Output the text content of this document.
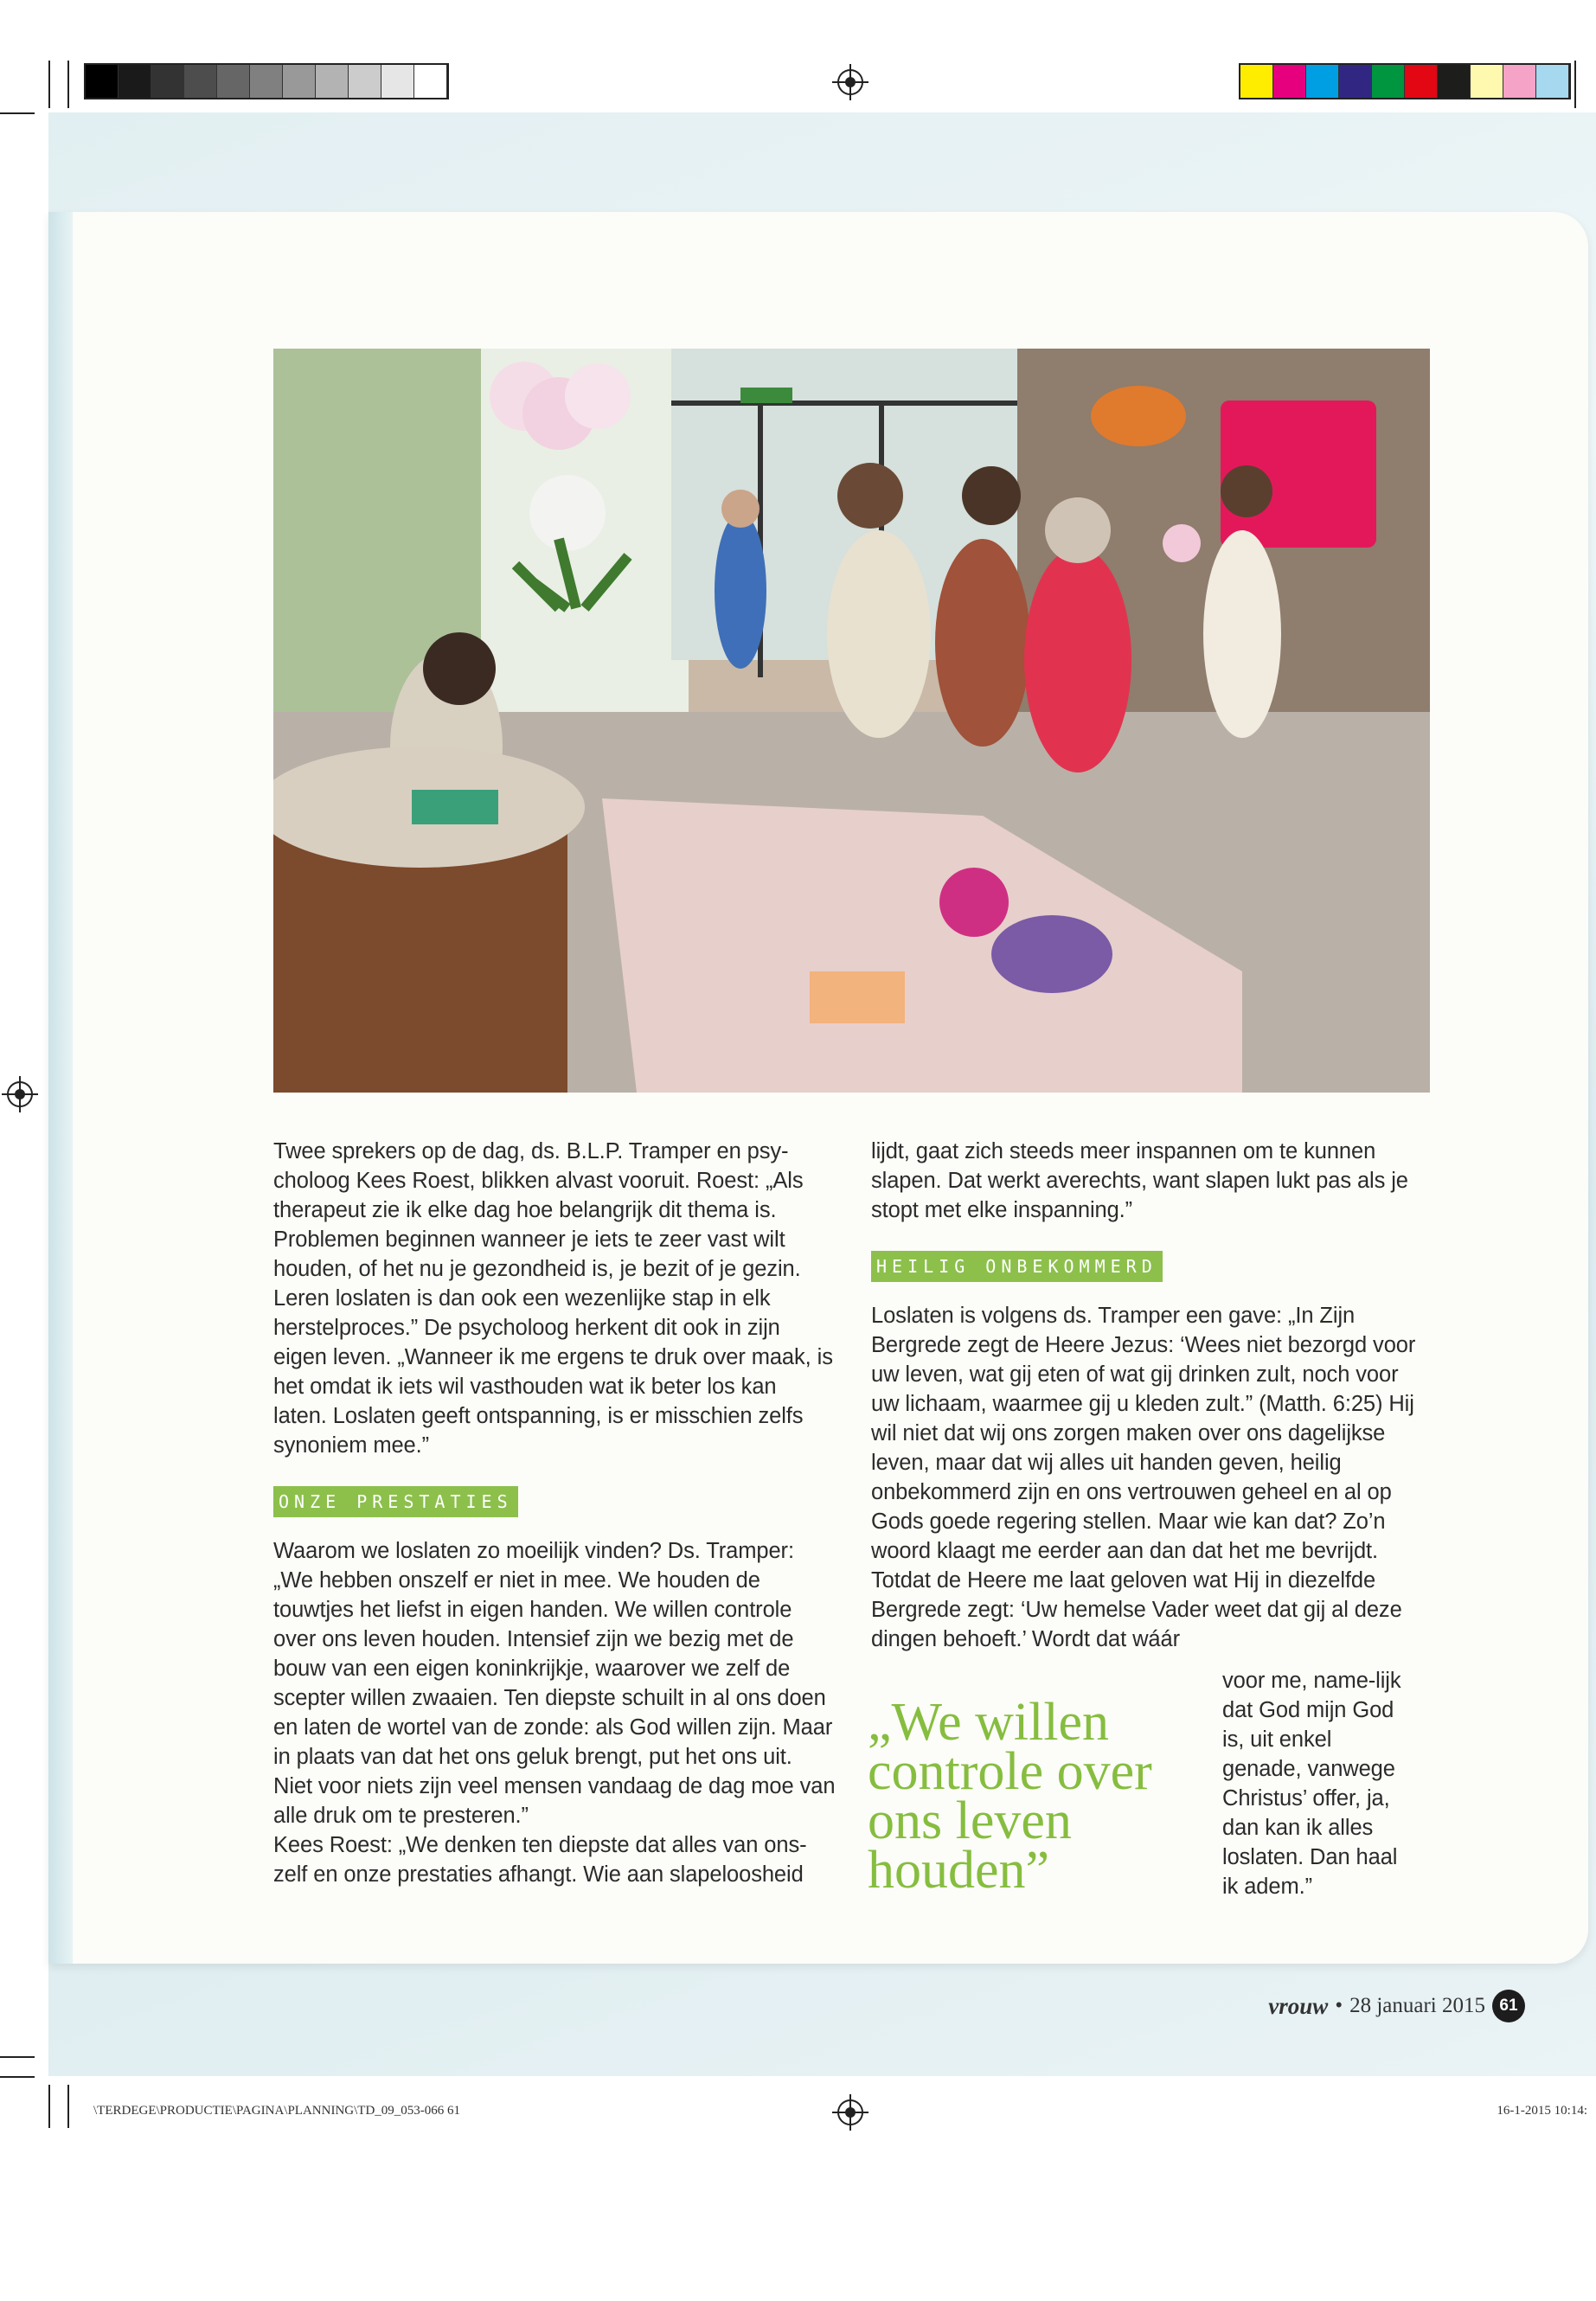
Twee sprekers op de dag, ds. B.L.P. Tramper en psy-choloog Kees Roest, blikken alvast vooruit. Roest: „Als therapeut zie ik elke dag hoe belangrijk dit thema is. Problemen beginnen wanneer je iets te zeer vast wilt houden, of het nu je gezondheid is, je bezit of je gezin. Leren loslaten is dan ook een wezenlijke stap in elk herstelproces.” De psycholoog herkent dit ook in zijn eigen leven. „Wanneer ik me ergens te druk over maak, is het omdat ik iets wil vasthouden wat ik beter los kan laten. Loslaten geeft ontspanning, is er misschien zelfs synoniem mee.”

ONZE PRESTATIES

Waarom we loslaten zo moeilijk vinden? Ds. Tramper: „We hebben onszelf er niet in mee. We houden de touwtjes het liefst in eigen handen. We willen controle over ons leven houden. Intensief zijn we bezig met de bouw van een eigen koninkrijkje, waarover we zelf de scepter willen zwaaien. Ten diepste schuilt in al ons doen en laten de wortel van de zonde: als God willen zijn. Maar in plaats van dat het ons geluk brengt, put het ons uit. Niet voor niets zijn veel mensen vandaag de dag moe van alle druk om te presteren.”

Kees Roest: „We denken ten diepste dat alles van ons-zelf en onze prestaties afhangt. Wie aan slapeloosheid

lijdt, gaat zich steeds meer inspannen om te kunnen slapen. Dat werkt averechts, want slapen lukt pas als je stopt met elke inspanning.”

HEILIG ONBEKOMMERD

Loslaten is volgens ds. Tramper een gave: „In Zijn Bergrede zegt de Heere Jezus: ‘Wees niet bezorgd voor uw leven, wat gij eten of wat gij drinken zult, noch voor uw lichaam, waarmee gij u kleden zult.” (Matth. 6:25) Hij wil niet dat wij ons zorgen maken over ons dagelijkse leven, maar dat wij alles uit handen geven, heilig onbekommerd zijn en ons vertrouwen geheel en al op Gods goede regering stellen. Maar wie kan dat? Zo’n woord klaagt me eerder aan dan dat het me bevrijdt. Totdat de Heere me laat geloven wat Hij in diezelfde Bergrede zegt: ‘Uw hemelse Vader weet dat gij al deze dingen behoeft.’ Wordt dat wáár

voor me, name-lijk dat God mijn God is, uit enkel genade, vanwege Christus’ offer, ja, dan kan ik alles loslaten. Dan haal ik adem.”

„We willen controle over ons leven houden”
vrouw • 28 januari 2015 61
\TERDEGE\PRODUCTIE\PAGINA\PLANNING\TD_09_053-066 61	16-1-2015 10:14:
